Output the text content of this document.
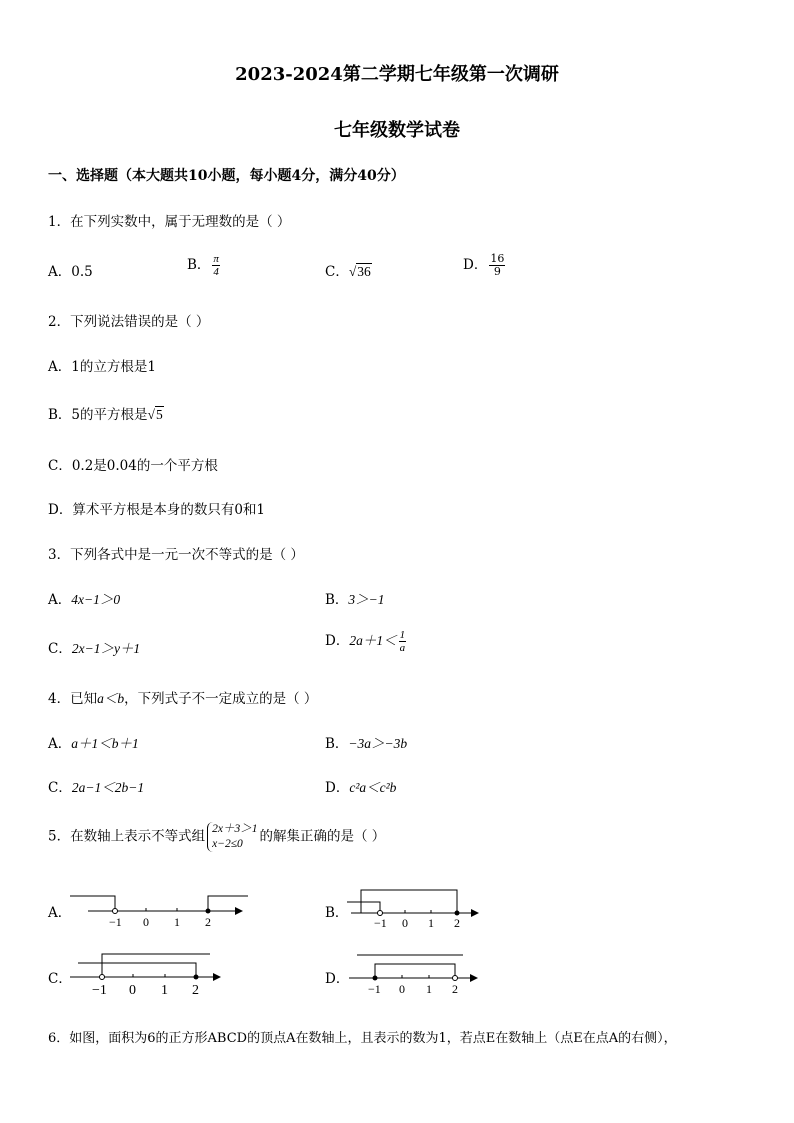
2023-2024第二学期七年级第一次调研
七年级数学试卷
一、选择题（本大题共10小题，每小题4分，满分40分）
1．在下列实数中，属于无理数的是（ ）
A．0.5	B． $\frac{\pi}{4}$	C．√36	D． $\frac{16}{9}$
2．下列说法错误的是（ ）
A．1的立方根是1
B．5的平方根是√5
C．0.2是0.04的一个平方根
D．算术平方根是本身的数只有0和1
3．下列各式中是一元一次不等式的是（ ）
A．4x−1＞0	B．3＞−1
C．2x−1＞y＋1	D．$2a+1< \frac{1}{a}$
4．已知a＜b，下列式子不一定成立的是（ ）
A．a＋1＜b＋1	B．−3a＞−3b
C．2a−1＜2b−1	D．c²a＜c²b
5．在数轴上表示不等式组 2x＋3＞1
x−2≤0	的解集正确的是（ ）
A．
−1 0 1 2
B．
−1 0 1 2
C．
−1 0 1 2
D．
−1 0 1 2
6．如图，面积为6的正方形ABCD的顶点A在数轴上，且表示的数为1，若点E在数轴上（点E在点A的右侧），
